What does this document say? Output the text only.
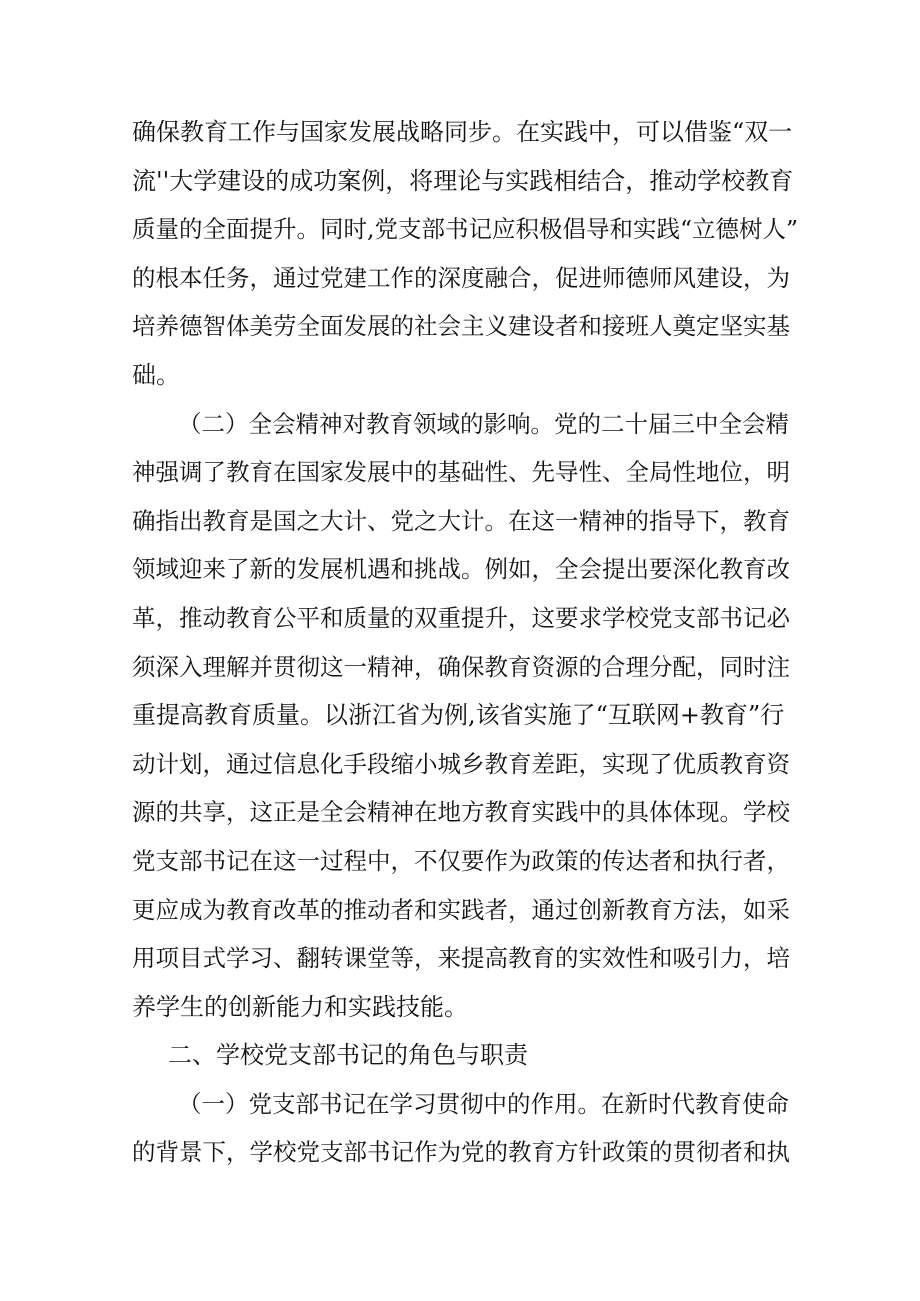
确保教育工作与国家发展战略同步。在实践中，可以借鉴“双一
流''大学建设的成功案例，将理论与实践相结合，推动学校教育
质量的全面提升。同时,党支部书记应积极倡导和实践“立德树人”
的根本任务，通过党建工作的深度融合，促进师德师风建设，为
培养德智体美劳全面发展的社会主义建设者和接班人奠定坚实基
础。
（二）全会精神对教育领域的影响。党的二十届三中全会精
神强调了教育在国家发展中的基础性、先导性、全局性地位，明
确指出教育是国之大计、党之大计。在这一精神的指导下，教育
领域迎来了新的发展机遇和挑战。例如，全会提出要深化教育改
革，推动教育公平和质量的双重提升，这要求学校党支部书记必
须深入理解并贯彻这一精神，确保教育资源的合理分配，同时注
重提高教育质量。以浙江省为例,该省实施了“互联网+教育”行
动计划，通过信息化手段缩小城乡教育差距，实现了优质教育资
源的共享，这正是全会精神在地方教育实践中的具体体现。学校
党支部书记在这一过程中，不仅要作为政策的传达者和执行者，
更应成为教育改革的推动者和实践者，通过创新教育方法，如采
用项目式学习、翻转课堂等，来提高教育的实效性和吸引力，培
养学生的创新能力和实践技能。
二、学校党支部书记的角色与职责
（一）党支部书记在学习贯彻中的作用。在新时代教育使命
的背景下，学校党支部书记作为党的教育方针政策的贯彻者和执
